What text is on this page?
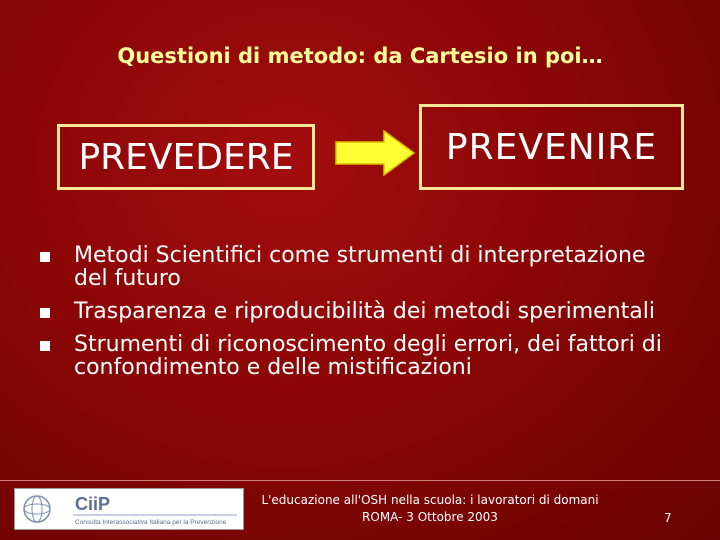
Questioni di metodo: da Cartesio in poi…
PREVEDERE	PREVENIRE
Metodi Scientifici come strumenti di interpretazione del futuro
Trasparenza e riproducibilità dei metodi sperimentali
Strumenti di riconoscimento degli errori, dei fattori di confondimento e delle mistificazioni
CiiP
Consulta Interassociativa Italiana per la Prevenzione
L'educazione all'OSH nella scuola: i lavoratori di domani
ROMA- 3 Ottobre 2003	7
